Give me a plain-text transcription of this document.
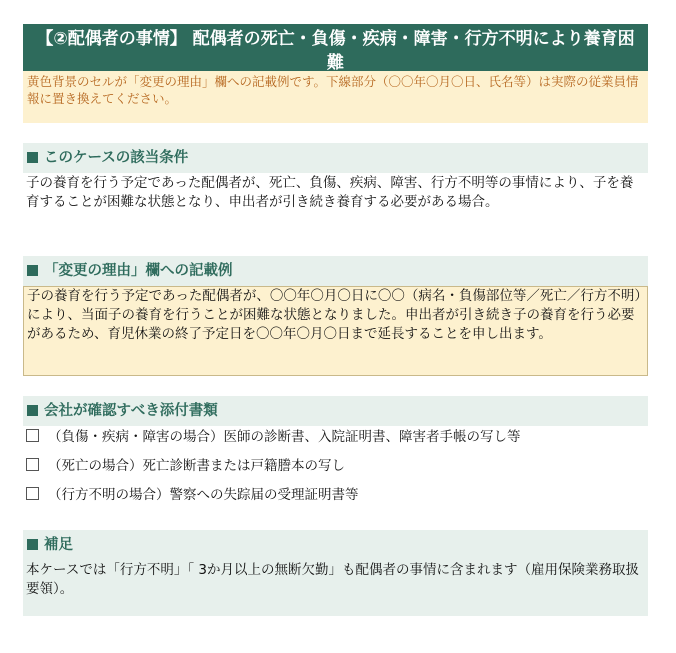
【②配偶者の事情】 配偶者の死亡・負傷・疾病・障害・行方不明により養育困難
黄色背景のセルが「変更の理由」欄への記載例です。下線部分（〇〇年〇月〇日、氏名等）は実際の従業員情報に置き換えてください。
このケースの該当条件
子の養育を行う予定であった配偶者が、死亡、負傷、疾病、障害、行方不明等の事情により、子を養育することが困難な状態となり、申出者が引き続き養育する必要がある場合。
「変更の理由」欄への記載例
子の養育を行う予定であった配偶者が、〇〇年〇月〇日に〇〇（病名・負傷部位等／死亡／行方不明）により、当面子の養育を行うことが困難な状態となりました。申出者が引き続き子の養育を行う必要があるため、育児休業の終了予定日を〇〇年〇月〇日まで延長することを申し出ます。
会社が確認すべき添付書類
（負傷・疾病・障害の場合）医師の診断書、入院証明書、障害者手帳の写し等
（死亡の場合）死亡診断書または戸籍謄本の写し
（行方不明の場合）警察への失踪届の受理証明書等
補足
本ケースでは「行方不明」「 3か月以上の無断欠勤」も配偶者の事情に含まれます（雇用保険業務取扱要領）。
